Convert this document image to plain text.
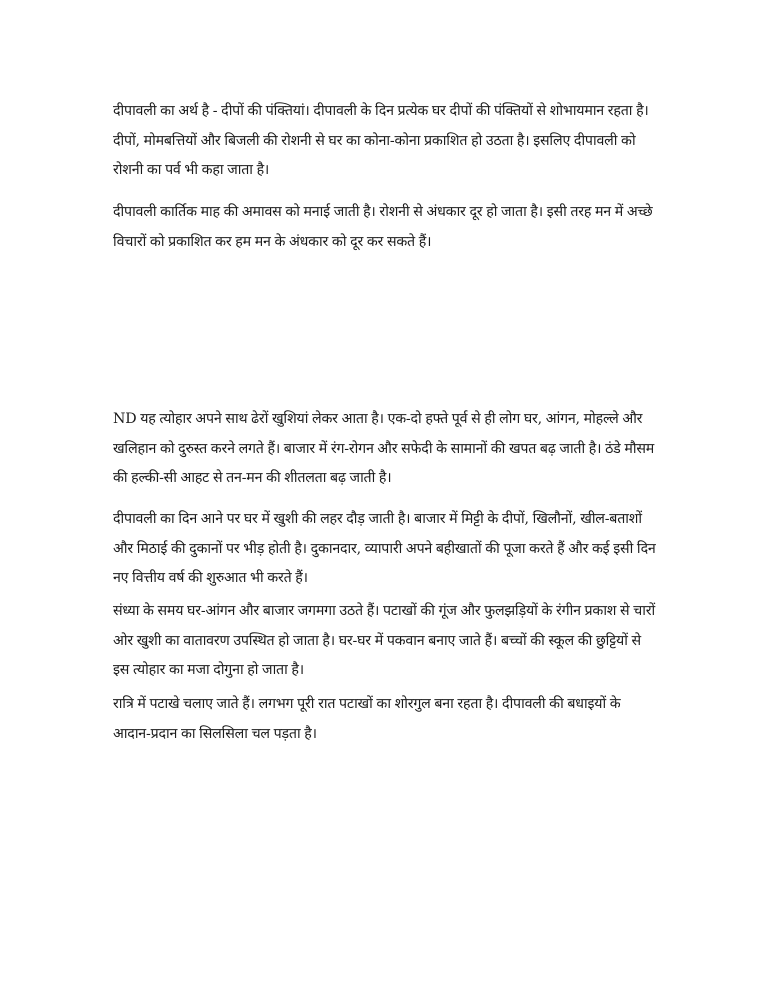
दीपावली का अर्थ है - दीपों की पंक्तियां। दीपावली के दिन प्रत्येक घर दीपों की पंक्तियों से शोभायमान रहता है। दीपों, मोमबत्तियों और बिजली की रोशनी से घर का कोना-कोना प्रकाशित हो उठता है। इसलिए दीपावली को रोशनी का पर्व भी कहा जाता है।

दीपावली कार्तिक माह की अमावस को मनाई जाती है। रोशनी से अंधकार दूर हो जाता है। इसी तरह मन में अच्छे विचारों को प्रकाशित कर हम मन के अंधकार को दूर कर सकते हैं।

ND यह त्योहार अपने साथ ढेरों खुशियां लेकर आता है। एक-दो हफ्ते पूर्व से ही लोग घर, आंगन, मोहल्ले और खलिहान को दुरुस्त करने लगते हैं। बाजार में रंग-रोगन और सफेदी के सामानों की खपत बढ़ जाती है। ठंडे मौसम की हल्की-सी आहट से तन-मन की शीतलता बढ़ जाती है।

दीपावली का दिन आने पर घर में खुशी की लहर दौड़ जाती है। बाजार में मिट्टी के दीपों, खिलौनों, खील-बताशों और मिठाई की दुकानों पर भीड़ होती है। दुकानदार, व्यापारी अपने बहीखातों की पूजा करते हैं और कई इसी दिन नए वित्तीय वर्ष की शुरुआत भी करते हैं।

संध्या के समय घर-आंगन और बाजार जगमगा उठते हैं। पटाखों की गूंज और फुलझड़ियों के रंगीन प्रकाश से चारों ओर खुशी का वातावरण उपस्थित हो जाता है। घर-घर में पकवान बनाए जाते हैं। बच्चों की स्कूल की छुट्टियों से इस त्योहार का मजा दोगुना हो जाता है।

रात्रि में पटाखे चलाए जाते हैं। लगभग पूरी रात पटाखों का शोरगुल बना रहता है। दीपावली की बधाइयों के आदान-प्रदान का सिलसिला चल पड़ता है।
